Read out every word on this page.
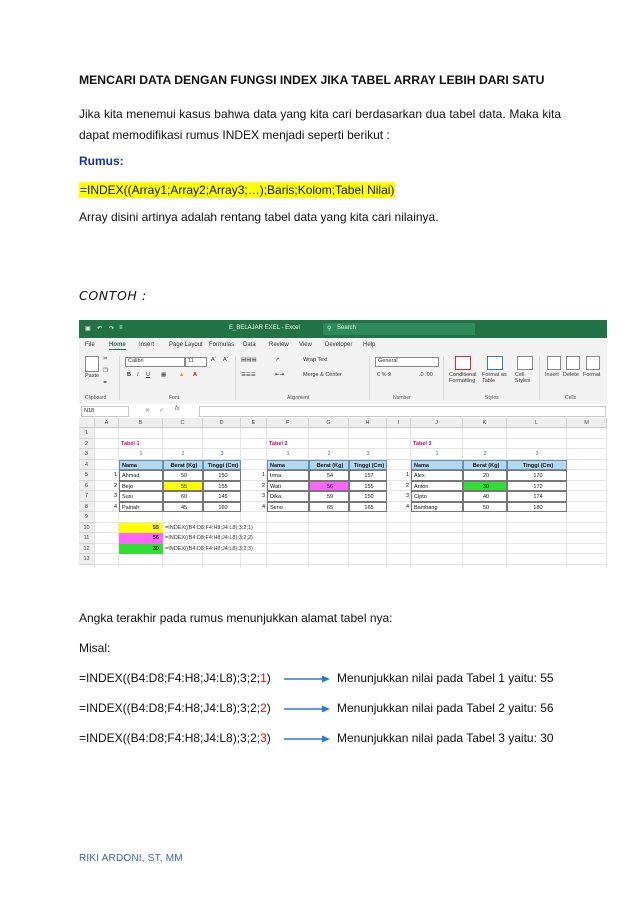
MENCARI DATA DENGAN FUNGSI INDEX JIKA TABEL ARRAY LEBIH DARI SATU
Jika kita menemui kasus bahwa data yang kita cari berdasarkan dua tabel data. Maka kita dapat memodifikasi rumus INDEX menjadi seperti berikut :
Rumus:
=INDEX((Array1;Array2;Array3;…);Baris;Kolom;Tabel Nilai)
Array disini artinya adalah rentang tabel data yang kita cari nilainya.
CONTOH :
▣ ↶ ↷ ≡	E_BELAJAR EXEL - Excel	⚲ Search
File Home Insert Page Layout Formulas Data Review View Developer Help
Paste
✂
❐
✒
Calibri	11	Aˆ Aˇ
B I U ▦ ▲ A
▤▤▤	↗
☰☰☰	⇤⇥
Wrap Text
Merge & Center
General
€ % 9	.0 .00	Conditional Formatting
Format as Table
Cell Styles
Insert Delete Format
Clipboard	Font	Alignment	Number	Styles	Cells
N18	✕ ✓ fx
A	B	C	D	E	F	G	H	I	J	K	L	M
1
2
3
4
5
6
7
8
9
10
11
12
13
Tabel 1
1	2	3
Nama	Berat (Kg)	Tinggi (Cm)
1 Ahmad	50	150
2 Bejo	55	155
3 Susi	60	145
4 Painah	45	160
Tabel 2
1	2	3
Nama	Berat (Kg)	Tinggi (Cm)
1 Irma	54	157
2 Wati	56	155
3 Dika	59	150
4 Seno	65	165
Tabel 3
1	2	3
Nama	Berat (Kg)	Tinggi (Cm)
1 Alex	20	170
2 Anton	30	172
3 Cipto	40	174
4 Bambang	50	180
55	=INDEX((B4:D8;F4:H8;J4:L8);3;2;1)
56	=INDEX((B4:D8;F4:H8;J4:L8);3;2;2)
30	=INDEX((B4:D8;F4:H8;J4:L8);3;2;3)
Angka terakhir pada rumus menunjukkan alamat tabel nya:
Misal:
=INDEX((B4:D8;F4:H8;J4:L8);3;2;1)	Menunjukkan nilai pada Tabel 1 yaitu: 55
=INDEX((B4:D8;F4:H8;J4:L8);3;2;2)	Menunjukkan nilai pada Tabel 2 yaitu: 56
=INDEX((B4:D8;F4:H8;J4:L8);3;2;3)	Menunjukkan nilai pada Tabel 3 yaitu: 30
RIKI ARDONI, ST, MM
